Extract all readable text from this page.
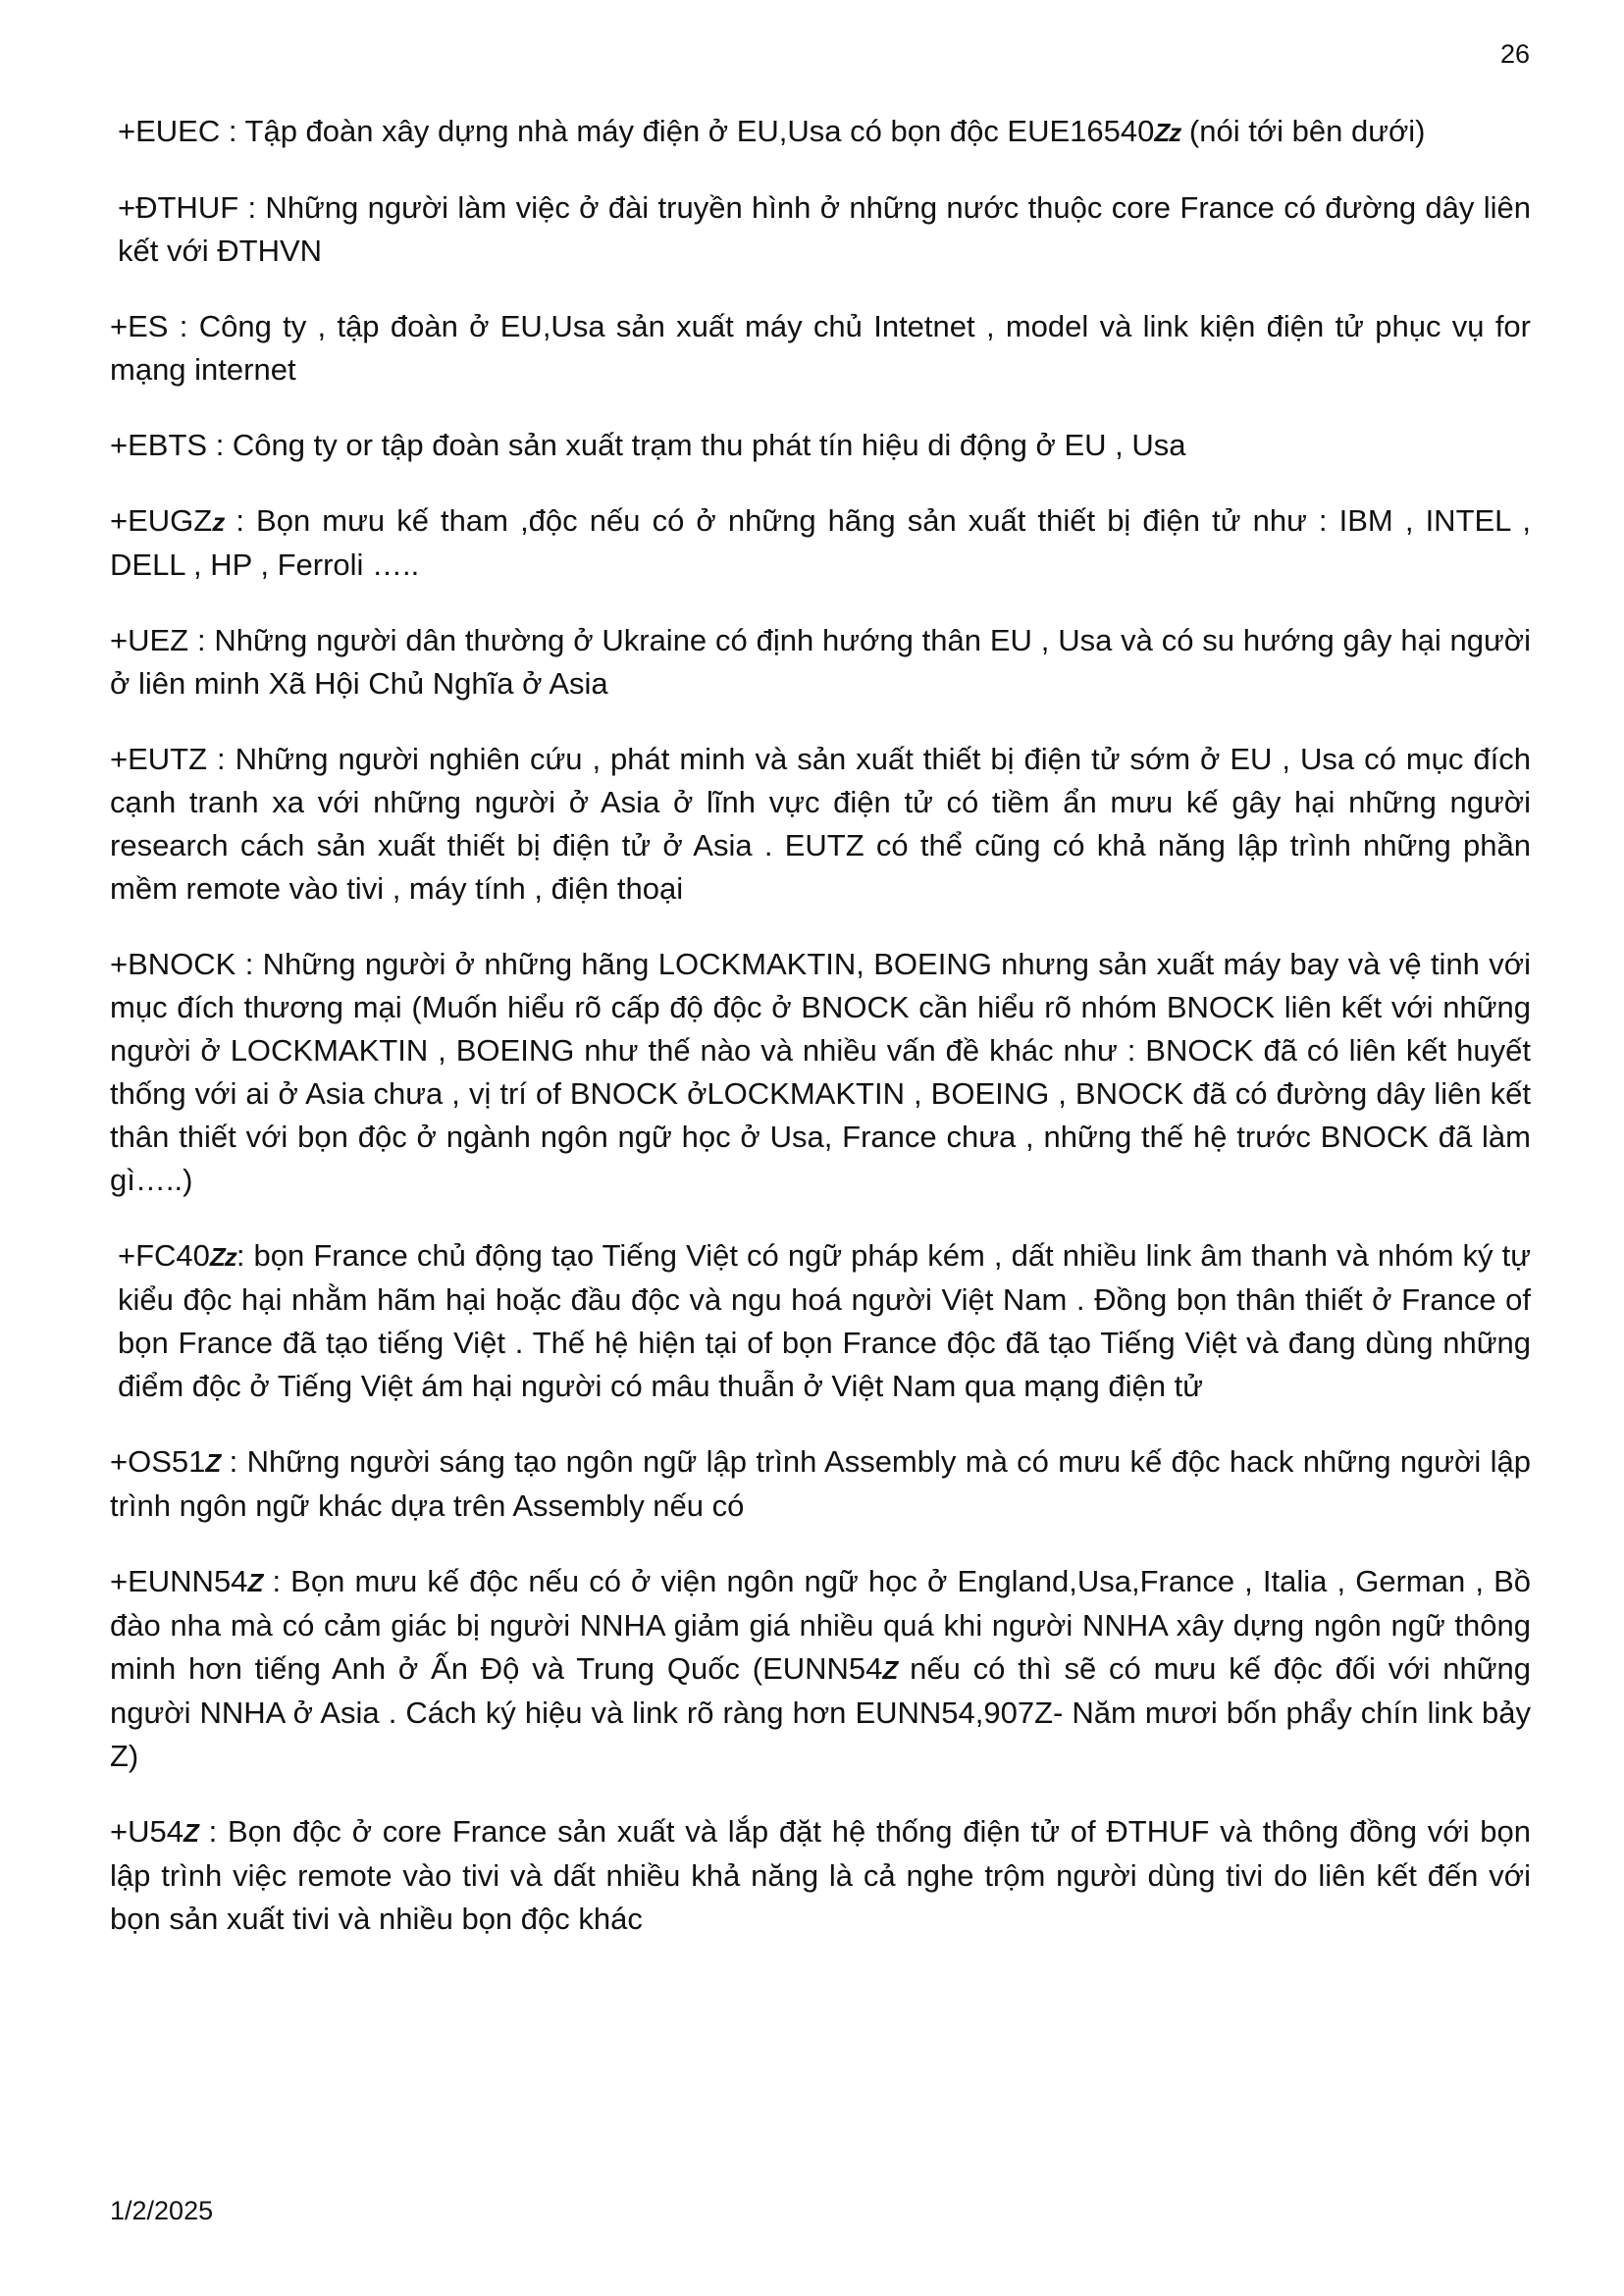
26

+EUEC : Tập đoàn xây dựng nhà máy điện ở EU,Usa có bọn độc EUE16540Zz (nói tới bên dưới)

+ĐTHUF : Những người làm việc ở đài truyền hình ở những nước thuộc core France có đường dây liên kết với ĐTHVN

+ES : Công ty , tập đoàn ở EU,Usa sản xuất máy chủ Intetnet , model và link kiện điện tử phục vụ for mạng internet

+EBTS : Công ty or tập đoàn sản xuất trạm thu phát tín hiệu di động ở EU , Usa

+EUGZz : Bọn mưu kế tham ,độc nếu có ở những hãng sản xuất thiết bị điện tử như : IBM , INTEL , DELL , HP , Ferroli …..

+UEZ : Những người dân thường ở Ukraine có định hướng thân EU , Usa và có su hướng gây hại người ở liên minh Xã Hội Chủ Nghĩa ở Asia

+EUTZ : Những người nghiên cứu , phát minh và sản xuất thiết bị điện tử sớm ở EU , Usa có mục đích cạnh tranh xa với những người ở Asia ở lĩnh vực điện tử có tiềm ẩn mưu kế gây hại những người research cách sản xuất thiết bị điện tử ở Asia . EUTZ có thể cũng có khả năng lập trình những phần mềm remote vào tivi , máy tính , điện thoại

+BNOCK : Những người ở những hãng LOCKMAKTIN, BOEING nhưng sản xuất máy bay và vệ tinh với mục đích thương mại (Muốn hiểu rõ cấp độ độc ở BNOCK cần hiểu rõ nhóm BNOCK liên kết với những người ở LOCKMAKTIN , BOEING như thế nào và nhiều vấn đề khác như : BNOCK đã có liên kết huyết thống với ai ở Asia chưa , vị trí of BNOCK ởLOCKMAKTIN , BOEING , BNOCK đã có đường dây liên kết thân thiết với bọn độc ở ngành ngôn ngữ học ở Usa, France chưa , những thế hệ trước BNOCK đã làm gì…..)

+FC40Zz: bọn France chủ động tạo Tiếng Việt có ngữ pháp kém , dất nhiều link âm thanh và nhóm ký tự kiểu độc hại nhằm hãm hại hoặc đầu độc và ngu hoá người Việt Nam . Đồng bọn thân thiết ở France of bọn France đã tạo tiếng Việt . Thế hệ hiện tại of bọn France độc đã tạo Tiếng Việt và đang dùng những điểm độc ở Tiếng Việt ám hại người có mâu thuẫn ở Việt Nam qua mạng điện tử

+OS51Z : Những người sáng tạo ngôn ngữ lập trình Assembly mà có mưu kế độc hack những người lập trình ngôn ngữ khác dựa trên Assembly nếu có

+EUNN54Z : Bọn mưu kế độc nếu có ở viện ngôn ngữ học ở England,Usa,France , Italia , German , Bồ đào nha mà có cảm giác bị người NNHA giảm giá nhiều quá khi người NNHA xây dựng ngôn ngữ thông minh hơn tiếng Anh ở Ấn Độ và Trung Quốc (EUNN54Z nếu có thì sẽ có mưu kế độc đối với những người NNHA ở Asia . Cách ký hiệu và link rõ ràng hơn EUNN54,907Z- Năm mươi bốn phẩy chín link bảy Z)

+U54Z : Bọn độc ở core France sản xuất và lắp đặt hệ thống điện tử of ĐTHUF và thông đồng với bọn lập trình việc remote vào tivi và dất nhiều khả năng là cả nghe trộm người dùng tivi do liên kết đến với bọn sản xuất tivi và nhiều bọn độc khác

1/2/2025
